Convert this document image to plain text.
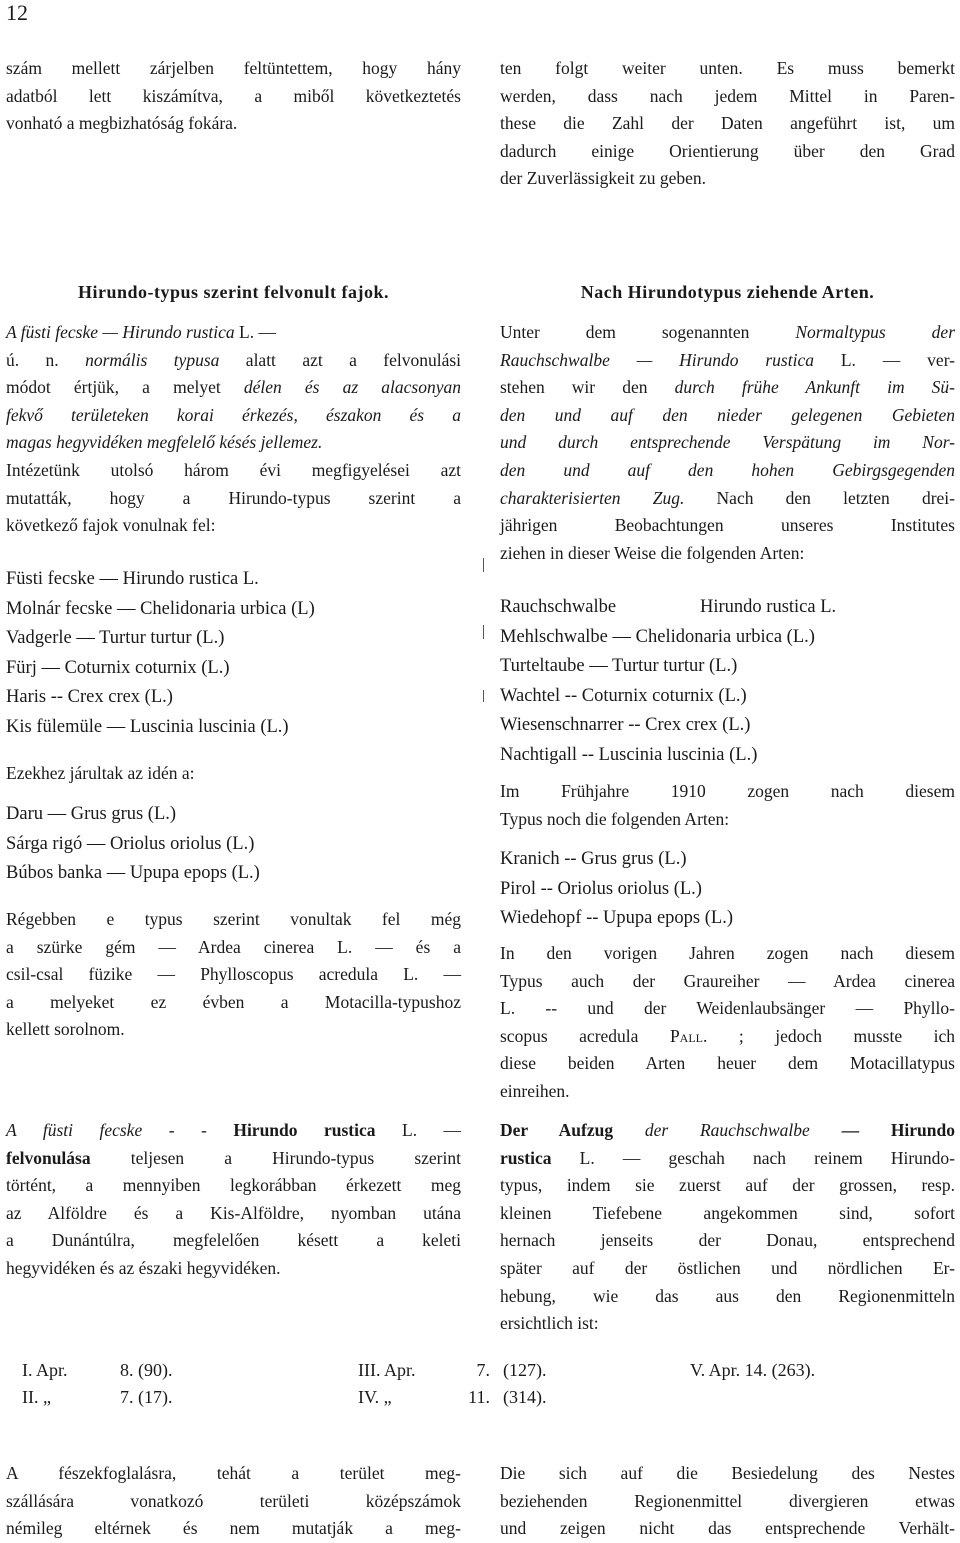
12
szám mellett zárjelben feltüntettem, hogy hány
adatból lett kiszámítva, a miből következtetés
vonható a megbizhatóság fokára.
ten folgt weiter unten. Es muss bemerkt
werden, dass nach jedem Mittel in Paren-
these die Zahl der Daten angeführt ist, um
dadurch einige Orientierung über den Grad
der Zuverlässigkeit zu geben.
Hirundo-typus szerint felvonult fajok.
A füsti fecske — Hirundo rustica L. —
ú. n. normális typusa alatt azt a felvonulási
módot értjük, a melyet délen és az alacsonyan
fekvő területeken korai érkezés, északon és a
magas hegyvidéken megfelelő késés jellemez.
Intézetünk utolsó három évi megfigyelései azt
mutatták, hogy a Hirundo-typus szerint a
következő fajok vonulnak fel:
Füsti fecske — Hirundo rustica L.
Molnár fecske — Chelidonaria urbica (L)
Vadgerle — Turtur turtur (L.)
Fürj — Coturnix coturnix (L.)
Haris -- Crex crex (L.)
Kis fülemüle — Luscinia luscinia (L.)
Ezekhez járultak az idén a:
Daru — Grus grus (L.)
Sárga rigó — Oriolus oriolus (L.)
Búbos banka — Upupa epops (L.)
Régebben e typus szerint vonultak fel még
a szürke gém — Ardea cinerea L. — és a
csil-csal füzike — Phylloscopus acredula L. —
a melyeket ez évben a Motacilla-typushoz
kellett sorolnom.
A füsti fecske - - Hirundo rustica L. —
felvonulása teljesen a Hirundo-typus szerint
történt, a mennyiben legkorábban érkezett meg
az Alföldre és a Kis-Alföldre, nyomban utána
a Dunántúlra, megfelelően késett a keleti
hegyvidéken és az északi hegyvidéken.
Nach Hirundotypus ziehende Arten.
Unter dem sogenannten	Normaltypus der
Rauchschwalbe — Hirundo rustica L. — ver-
stehen wir den durch frühe Ankunft im Sü-
den und auf den nieder gelegenen Gebieten
und durch entsprechende Verspätung im Nor-
den und auf den hohen Gebirgsgegenden
charakterisierten Zug. Nach den letzten drei-
jährigen Beobachtungen unseres Institutes
ziehen in dieser Weise die folgenden Arten:
Rauchschwalbe	Hirundo rustica L.
Mehlschwalbe — Chelidonaria urbica (L.)
Turteltaube — Turtur turtur (L.)
Wachtel -- Coturnix coturnix (L.)
Wiesenschnarrer -- Crex crex (L.)
Nachtigall -- Luscinia luscinia (L.)
Im Frühjahre 1910 zogen nach diesem
Typus noch die folgenden Arten:
Kranich -- Grus grus (L.)
Pirol -- Oriolus oriolus (L.)
Wiedehopf -- Upupa epops (L.)
In den vorigen Jahren zogen nach diesem
Typus auch der Graureiher — Ardea cinerea
L. -- und der Weidenlaubsänger — Phyllo-
scopus acredula Pall. ; jedoch musste ich
diese beiden Arten heuer dem Motacillatypus
einreihen.
Der Aufzug der Rauchschwalbe — Hirundo
rustica L. — geschah nach reinem Hirundo-
typus, indem sie zuerst auf der grossen, resp.
kleinen Tiefebene angekommen sind, sofort
hernach jenseits der Donau, entsprechend
später auf der östlichen und nördlichen Er-
hebung, wie das aus den Regionenmitteln
ersichtlich ist:
I. Apr.
II. „
8. (90).
7. (17).
III. Apr.
IV. „
7.
11.
(127).
(314).
V. Apr. 14. (263).
A fészekfoglalásra, tehát a terület meg-
szállására vonatkozó területi középszámok
némileg eltérnek és nem mutatják a meg-
Die sich auf die Besiedelung des Nestes
beziehenden Regionenmittel divergieren etwas
und zeigen nicht das entsprechende Verhält-
